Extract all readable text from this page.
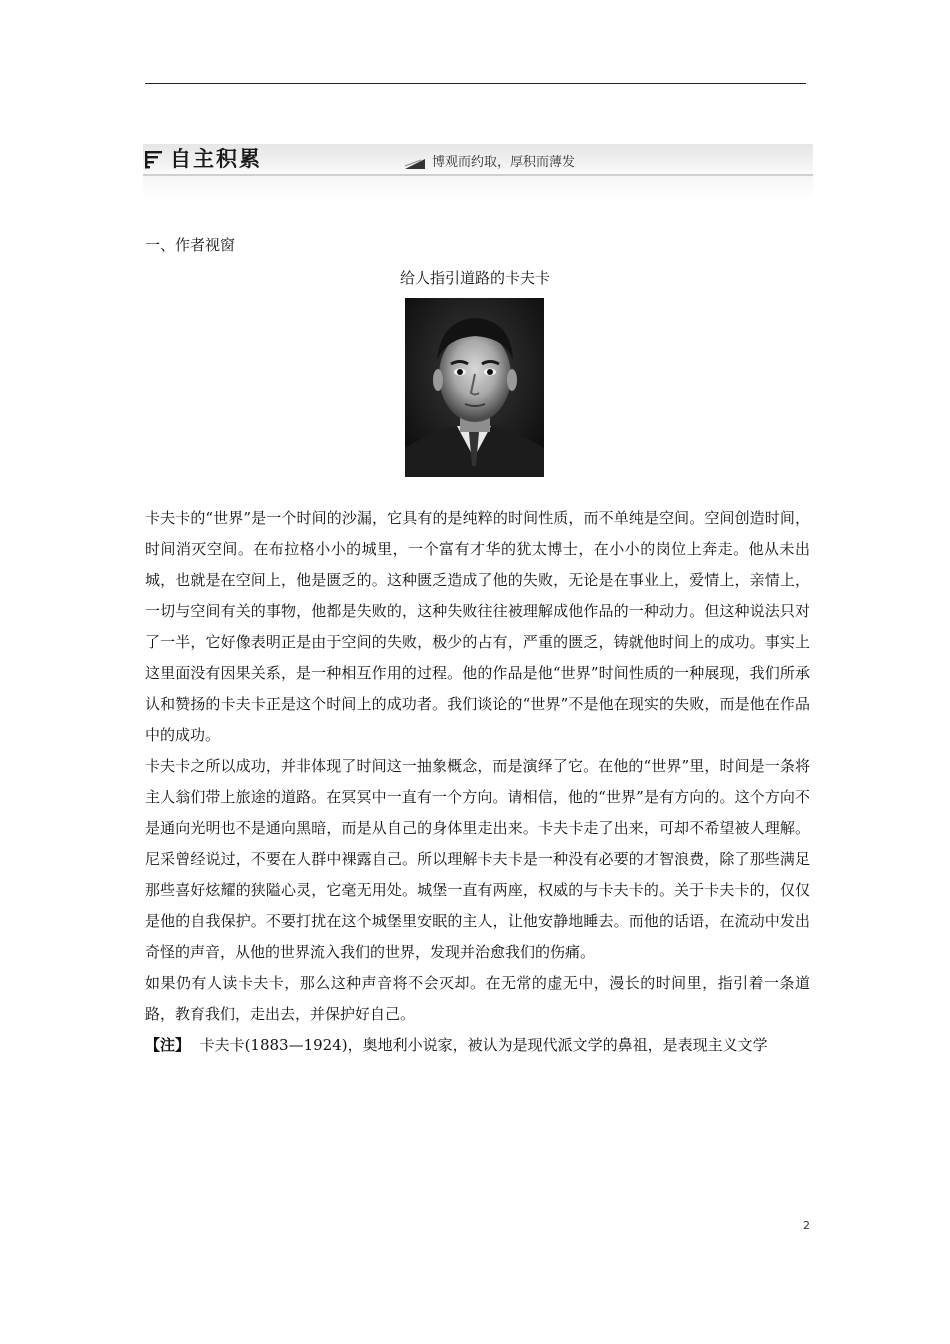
自主积累	博观而约取，厚积而薄发
一、作者视窗
给人指引道路的卡夫卡

卡夫卡的“世界”是一个时间的沙漏，它具有的是纯粹的时间性质，而不单纯是空间。空间创造时间，时间消灭空间。在布拉格小小的城里，一个富有才华的犹太博士，在小小的岗位上奔走。他从未出城，也就是在空间上，他是匮乏的。这种匮乏造成了他的失败，无论是在事业上，爱情上，亲情上，一切与空间有关的事物，他都是失败的，这种失败往往被理解成他作品的一种动力。但这种说法只对了一半，它好像表明正是由于空间的失败，极少的占有，严重的匮乏，铸就他时间上的成功。事实上这里面没有因果关系，是一种相互作用的过程。他的作品是他“世界”时间性质的一种展现，我们所承认和赞扬的卡夫卡正是这个时间上的成功者。我们谈论的“世界”不是他在现实的失败，而是他在作品中的成功。

卡夫卡之所以成功，并非体现了时间这一抽象概念，而是演绎了它。在他的“世界”里，时间是一条将主人翁们带上旅途的道路。在冥冥中一直有一个方向。请相信，他的“世界”是有方向的。这个方向不是通向光明也不是通向黑暗，而是从自己的身体里走出来。卡夫卡走了出来，可却不希望被人理解。尼采曾经说过，不要在人群中裸露自己。所以理解卡夫卡是一种没有必要的才智浪费，除了那些满足那些喜好炫耀的狭隘心灵，它毫无用处。城堡一直有两座，权威的与卡夫卡的。关于卡夫卡的，仅仅是他的自我保护。不要打扰在这个城堡里安眠的主人，让他安静地睡去。而他的话语，在流动中发出奇怪的声音，从他的世界流入我们的世界，发现并治愈我们的伤痛。

如果仍有人读卡夫卡，那么这种声音将不会灭却。在无常的虚无中，漫长的时间里，指引着一条道路，教育我们，走出去，并保护好自己。

【注】 卡夫卡(1883—1924)，奥地利小说家，被认为是现代派文学的鼻祖，是表现主义文学

2
